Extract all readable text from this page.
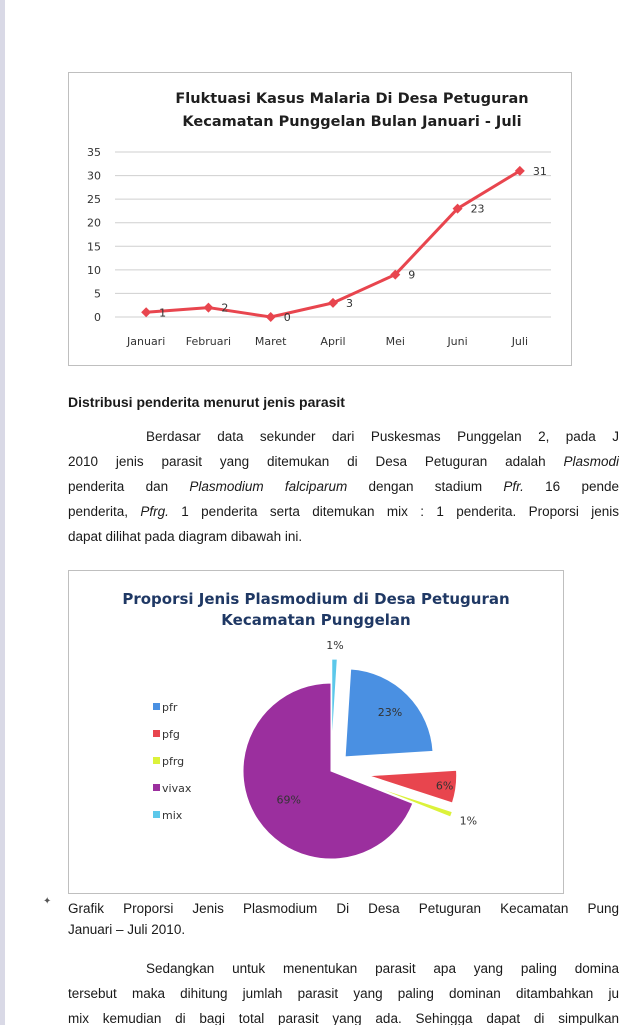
Fluktuasi Kasus Malaria Di Desa Petuguran
Kecamatan Punggelan Bulan Januari - Juli
0
5
10
15
20
25
30
35
Januari Februari Maret	April	Mei	Juni	Juli
1	2
0
3
9
23
31
Distribusi penderita menurut jenis parasit
Berdasar data sekunder dari Puskesmas Punggelan 2, pada J
2010 jenis parasit yang ditemukan di Desa Petuguran adalah Plasmodi
penderita dan Plasmodium falciparum dengan stadium Pfr. 16 pende
penderita, Pfrg. 1 penderita serta ditemukan mix : 1 penderita. Proporsi jenis
dapat dilihat pada diagram dibawah ini.
Proporsi Jenis Plasmodium di Desa Petuguran
Kecamatan Punggelan
23%
6%
1%
69%
1%
pfr
pfg
pfrg
vivax
mix
✦ Grafik Proporsi Jenis Plasmodium Di Desa Petuguran Kecamatan Pung
Januari – Juli 2010.
Sedangkan untuk menentukan parasit apa yang paling domina
tersebut maka dihitung jumlah parasit yang paling dominan ditambahkan ju
mix kemudian di bagi total parasit yang ada. Sehingga dapat di simpulkan
